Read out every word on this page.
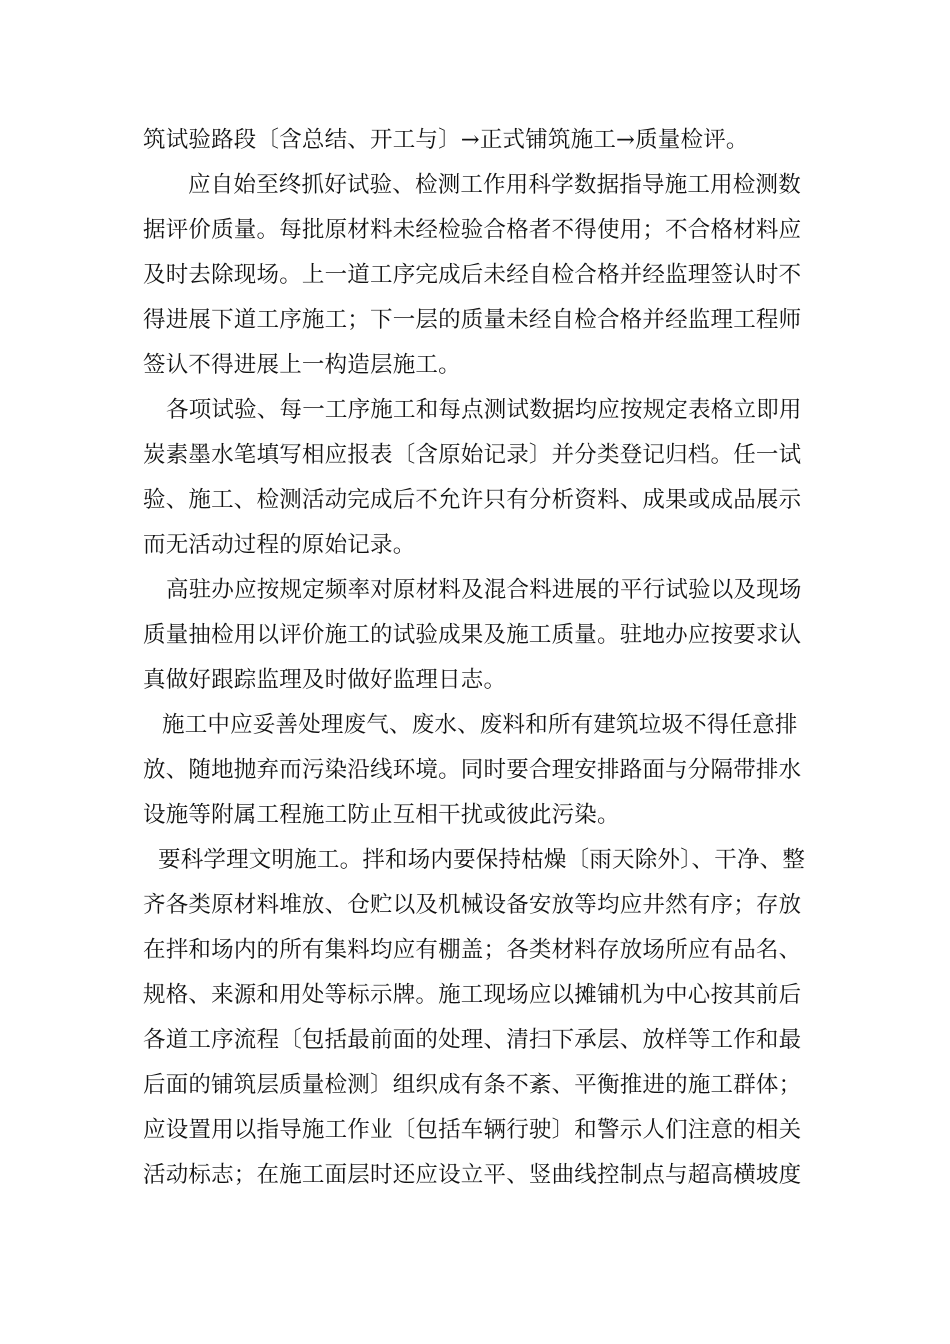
筑试验路段〔含总结、开工与〕→正式铺筑施工→质量检评。
应自始至终抓好试验、检测工作用科学数据指导施工用检测数
据评价质量。每批原材料未经检验合格者不得使用；不合格材料应
及时去除现场。上一道工序完成后未经自检合格并经监理签认时不
得进展下道工序施工；下一层的质量未经自检合格并经监理工程师
签认不得进展上一构造层施工。
各项试验、每一工序施工和每点测试数据均应按规定表格立即用
炭素墨水笔填写相应报表〔含原始记录〕并分类登记归档。任一试
验、施工、检测活动完成后不允许只有分析资料、成果或成品展示
而无活动过程的原始记录。
高驻办应按规定频率对原材料及混合料进展的平行试验以及现场
质量抽检用以评价施工的试验成果及施工质量。驻地办应按要求认
真做好跟踪监理及时做好监理日志。
施工中应妥善处理废气、废水、废料和所有建筑垃圾不得任意排
放、随地抛弃而污染沿线环境。同时要合理安排路面与分隔带排水
设施等附属工程施工防止互相干扰或彼此污染。
要科学理文明施工。拌和场内要保持枯燥〔雨天除外〕、干净、整
齐各类原材料堆放、仓贮以及机械设备安放等均应井然有序；存放
在拌和场内的所有集料均应有棚盖；各类材料存放场所应有品名、
规格、来源和用处等标示牌。施工现场应以摊铺机为中心按其前后
各道工序流程〔包括最前面的处理、清扫下承层、放样等工作和最
后面的铺筑层质量检测〕组织成有条不紊、平衡推进的施工群体；
应设置用以指导施工作业〔包括车辆行驶〕和警示人们注意的相关
活动标志；在施工面层时还应设立平、竖曲线控制点与超高横坡度
